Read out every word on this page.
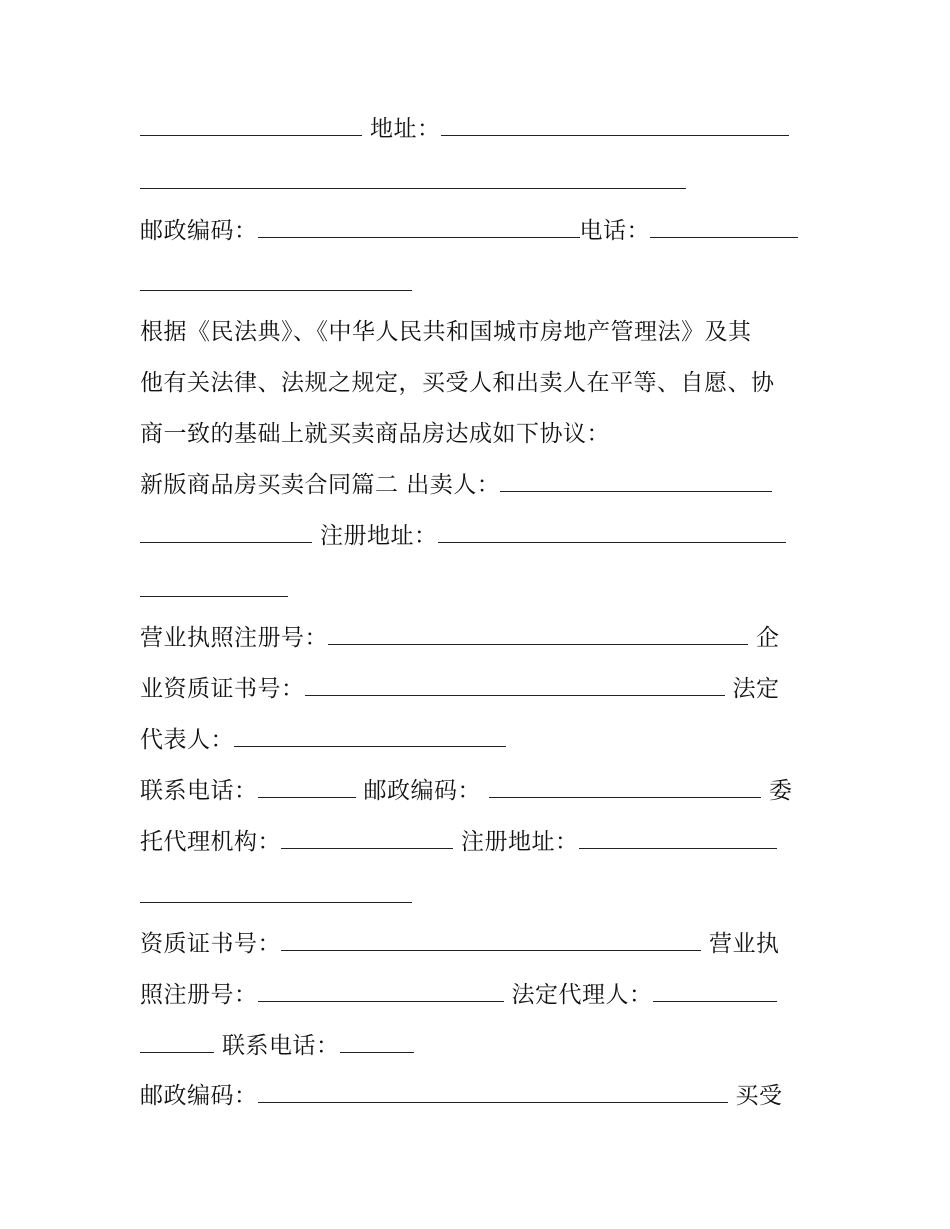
地址：
邮政编码：	电话：
根据《民法典》、《中华人民共和国城市房地产管理法》及其
他有关法律、法规之规定，买受人和出卖人在平等、自愿、协
商一致的基础上就买卖商品房达成如下协议：
新版商品房买卖合同篇二 出卖人：
注册地址：
营业执照注册号：	企
业资质证书号：	法定
代表人：
联系电话：	邮政编码：	委
托代理机构：	注册地址：
资质证书号：	营业执
照注册号：	法定代理人：
联系电话：
邮政编码：	买受
